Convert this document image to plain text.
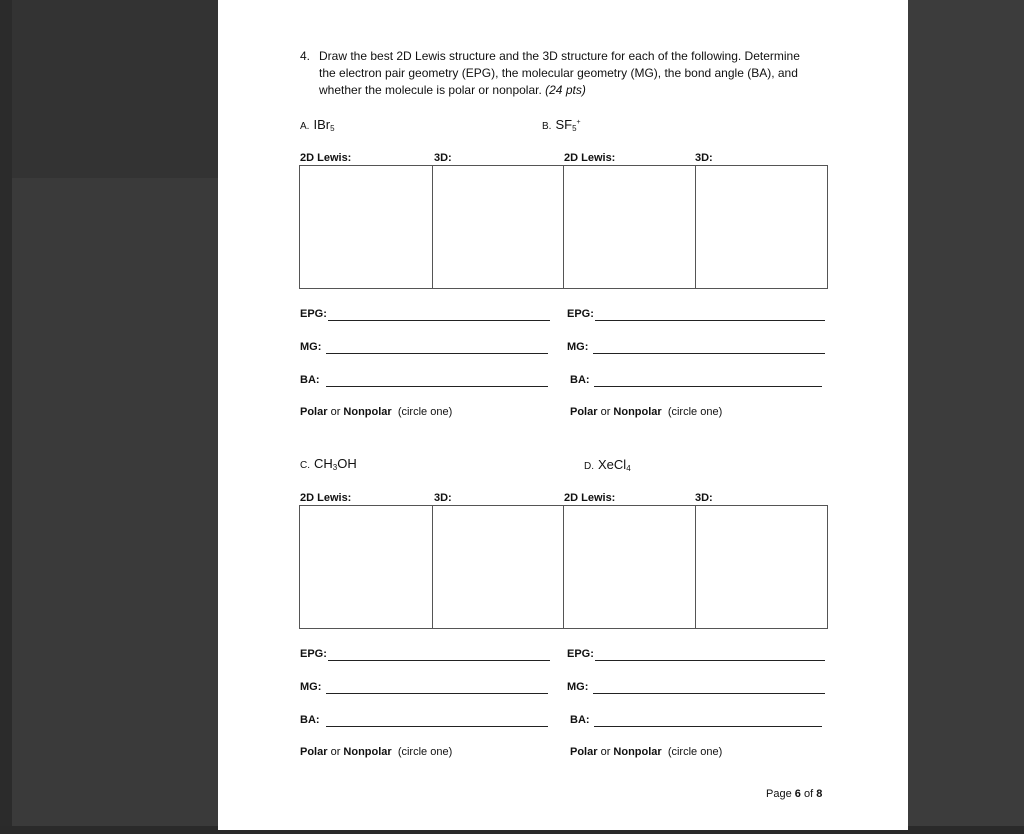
4. Draw the best 2D Lewis structure and the 3D structure for each of the following. Determine
the electron pair geometry (EPG), the molecular geometry (MG), the bond angle (BA), and
whether the molecule is polar or nonpolar. (24 pts)
A. IBr$_5$	B. $SF_5^+$
2D Lewis:	3D:	2D Lewis:	3D:
EPG:
MG:
BA:
Polar or Nonpolar (circle one)
EPG:
MG:
BA:
Polar or Nonpolar (circle one)
C. $CH_3OH$	D. XeCl$_4$
2D Lewis:	3D:	2D Lewis:	3D:
EPG:
MG:
BA:
Polar or Nonpolar (circle one)
EPG:
MG:
BA:
Polar or Nonpolar (circle one)
Page 6 of 8
